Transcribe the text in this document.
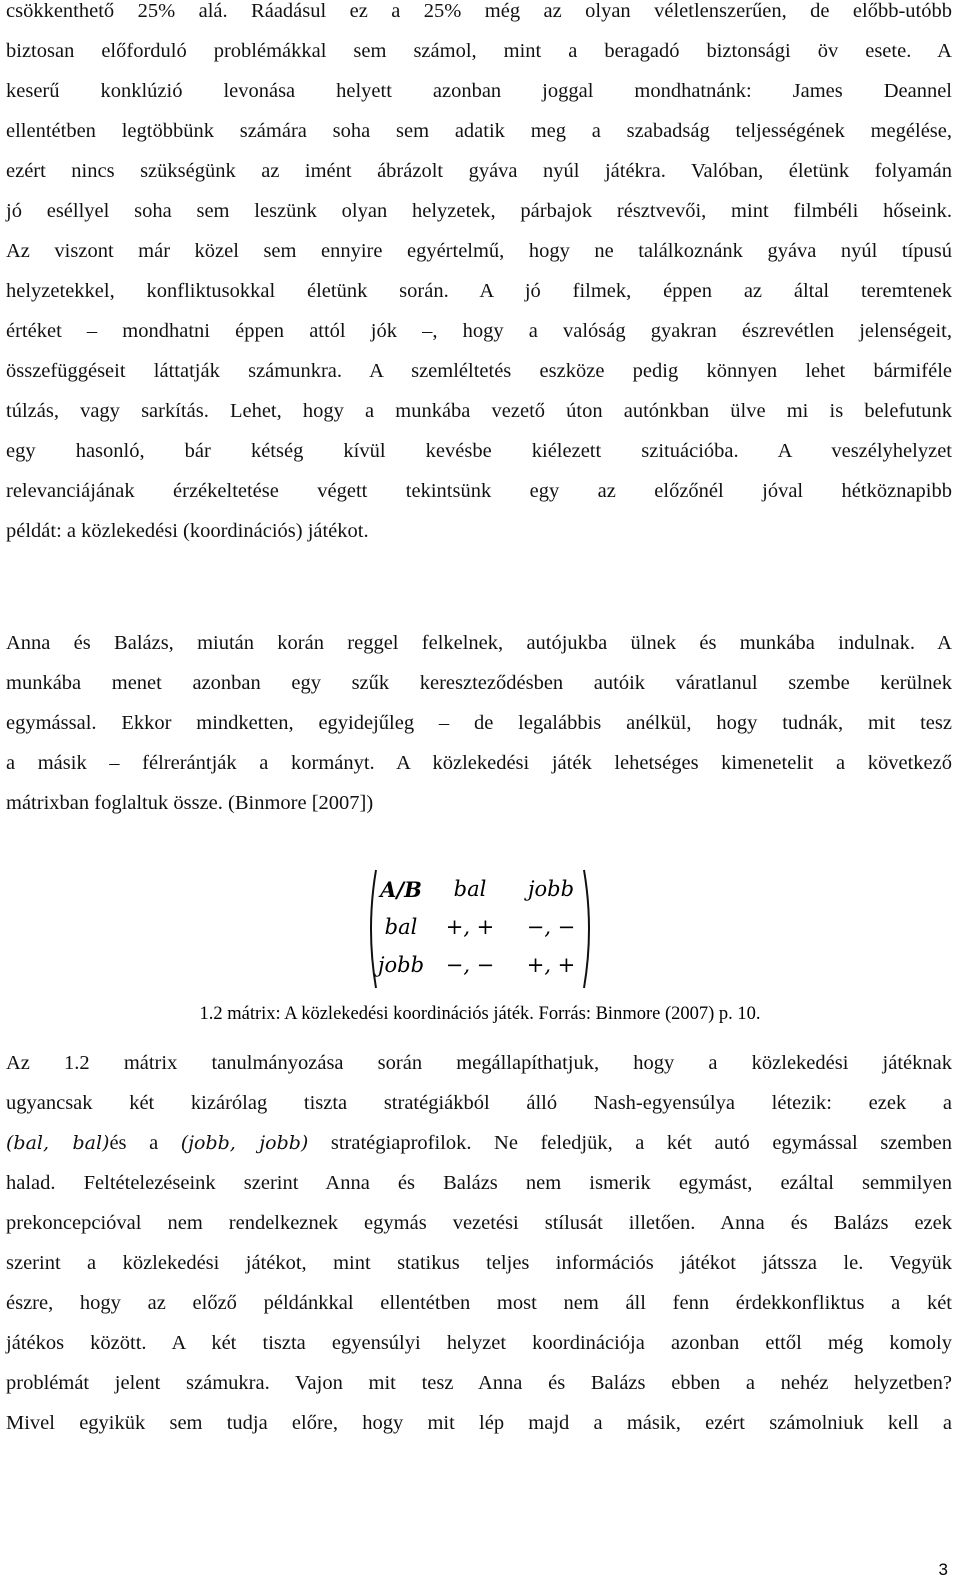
csökkenthető 25% alá. Ráadásul ez a 25% még az olyan véletlenszerűen, de előbb-utóbb
biztosan előforduló problémákkal sem számol, mint a beragadó biztonsági öv esete. A
keserű konklúzió levonása helyett azonban joggal mondhatnánk: James Deannel
ellentétben legtöbbünk számára soha sem adatik meg a szabadság teljességének megélése,
ezért nincs szükségünk az imént ábrázolt gyáva nyúl játékra. Valóban, életünk folyamán
jó eséllyel soha sem leszünk olyan helyzetek, párbajok résztvevői, mint filmbéli hőseink.
Az viszont már közel sem ennyire egyértelmű, hogy ne találkoznánk gyáva nyúl típusú
helyzetekkel, konfliktusokkal életünk során. A jó filmek, éppen az által teremtenek
értéket – mondhatni éppen attól jók –, hogy a valóság gyakran észrevétlen jelenségeit,
összefüggéseit láttatják számunkra. A szemléltetés eszköze pedig könnyen lehet bármiféle
túlzás, vagy sarkítás. Lehet, hogy a munkába vezető úton autónkban ülve mi is belefutunk
egy hasonló, bár kétség kívül kevésbe kiélezett szituációba. A veszélyhelyzet
relevanciájának érzékeltetése végett tekintsünk egy az előzőnél jóval hétköznapibb
példát: a közlekedési (koordinációs) játékot.
Anna és Balázs, miután korán reggel felkelnek, autójukba ülnek és munkába indulnak. A
munkába menet azonban egy szűk kereszteződésben autóik váratlanul szembe kerülnek
egymással. Ekkor mindketten, egyidejűleg – de legalábbis anélkül, hogy tudnák, mit tesz
a másik – félrerántják a kormányt. A közlekedési játék lehetséges kimenetelit a következő
mátrixban foglaltuk össze. (Binmore [2007])
A/B	bal	jobb
bal	+, +	−, −
jobb	−, −	+, +
1.2 mátrix: A közlekedési koordinációs játék. Forrás: Binmore (2007) p. 10.
Az 1.2 mátrix tanulmányozása során megállapíthatjuk, hogy a közlekedési játéknak
ugyancsak két kizárólag tiszta stratégiákból álló Nash-egyensúlya létezik: ezek a
(bal, bal)és a (jobb, jobb) stratégiaprofilok. Ne feledjük, a két autó egymással szemben
halad. Feltételezéseink szerint Anna és Balázs nem ismerik egymást, ezáltal semmilyen
prekoncepcióval nem rendelkeznek egymás vezetési stílusát illetően. Anna és Balázs ezek
szerint a közlekedési játékot, mint statikus teljes információs játékot játssza le. Vegyük
észre, hogy az előző példánkkal ellentétben most nem áll fenn érdekkonfliktus a két
játékos között. A két tiszta egyensúlyi helyzet koordinációja azonban ettől még komoly
problémát jelent számukra. Vajon mit tesz Anna és Balázs ebben a nehéz helyzetben?
Mivel egyikük sem tudja előre, hogy mit lép majd a másik, ezért számolniuk kell a
3
